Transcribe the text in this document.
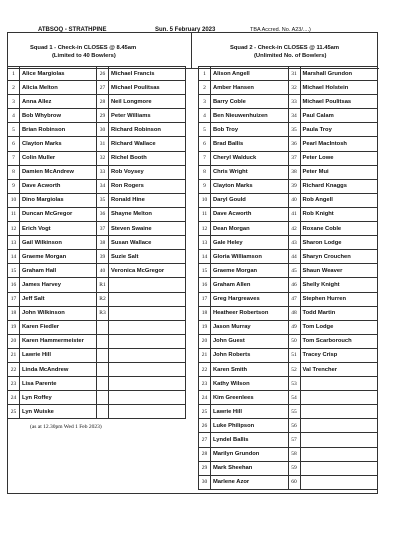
ATBSOQ - STRATHPINE	Sun. 5 February 2023	TBA Accred. No. A23/....)
Squad 1 - Check-in CLOSES @ 8.45am
(Limited to 40 Bowlers)
Squad 2 - Check-in CLOSES @ 11.45am
(Unlimited No. of Bowlers)
1	Alice Margiolas	26	Michael Francis
2	Alicia Melton	27	Michael Poulitsas
3	Anna Allez	28	Neil Longmore
4	Bob Whybrow	29	Peter Williams
5	Brian Robinson	30	Richard Robinson
6	Clayton Marks	31	Richard Wallace
7	Colin Muller	32	Richel Booth
8	Damien McAndrew	33	Rob Voysey
9	Dave Acworth	34	Ron Rogers
10	Dino Margiolas	35	Ronald Hine
11	Duncan McGregor	36	Shayne Melton
12	Erich Vogt	37	Steven Swaine
13	Gail Wilkinson	38	Susan Wallace
14	Graeme Morgan	39	Suzie Salt
15	Graham Hall	40	Veronica McGregor
16	James Harvey	R1	
17	Jeff Salt	R2	
18	John Wilkinson	R3	
19	Karen Fiedler		
20	Karen Hammermeister		
21	Lawrie Hill		
22	Linda McAndrew		
23	Lisa Parente		
24	Lyn Roffey		
25	Lyn Wuiske		
1	Alison Angell	31	Marshall Grundon
2	Amber Hansen	32	Michael Holstein
3	Barry Coble	33	Michael Poulitsas
4	Ben Nieuwenhuizen	34	Paul Calam
5	Bob Troy	35	Paula Troy
6	Brad Ballis	36	Pearl MacIntosh
7	Cheryl Walduck	37	Peter Lowe
8	Chris Wright	38	Peter Mui
9	Clayton Marks	39	Richard Knaggs
10	Daryl Gould	40	Rob Angell
11	Dave Acworth	41	Rob Knight
12	Dean Morgan	42	Roxane Coble
13	Gale Heley	43	Sharon Lodge
14	Gloria Williamson	44	Sharyn Crouchen
15	Graeme Morgan	45	Shaun Weaver
16	Graham Allen	46	Shelly Knight
17	Greg Hargreaves	47	Stephen Hurren
18	Heatheer Robertson	48	Todd Martin
19	Jason Murray	49	Tom Lodge
20	John Guest	50	Tom Scarborouch
21	John Roberts	51	Tracey Crisp
22	Karen Smith	52	Val Trencher
23	Kathy Wilson	53	
24	Kim Greenlees	54	
25	Lawrie Hill	55	
26	Luke Philipson	56	
27	Lyndel Ballis	57	
28	Marilyn Grundon	58	
29	Mark Sheehan	59	
30	Marlene Azor	60	
(as at 12.30pm Wed 1 Feb 2023)
